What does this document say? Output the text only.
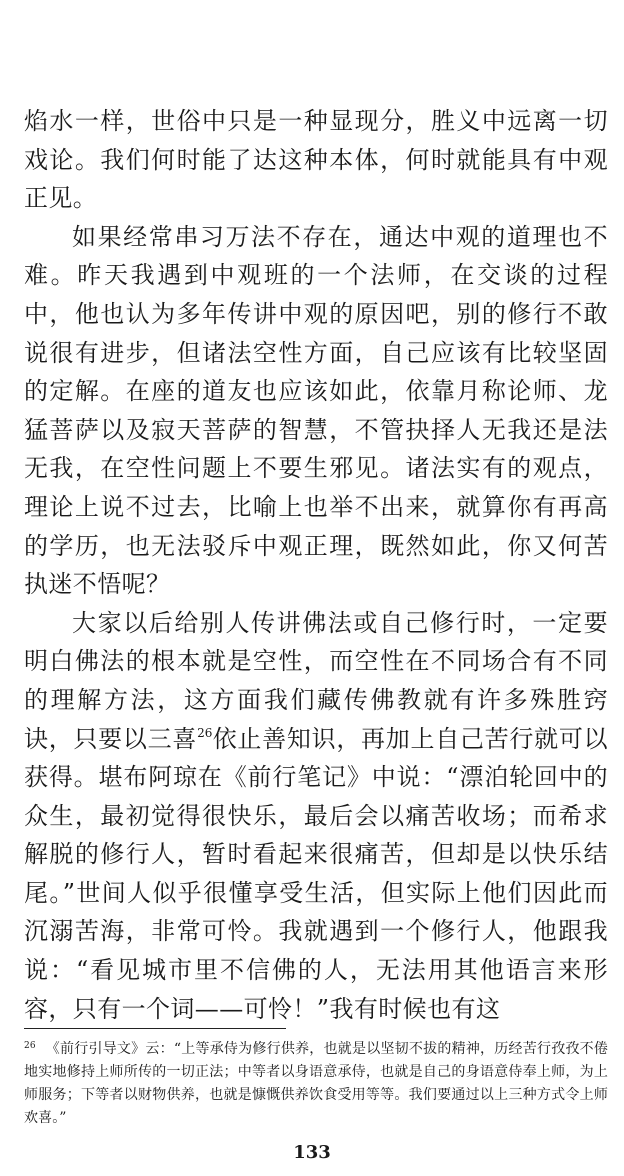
焰水一样，世俗中只是一种显现分，胜义中远离一切戏论。我们何时能了达这种本体，何时就能具有中观正见。

如果经常串习万法不存在，通达中观的道理也不难。昨天我遇到中观班的一个法师，在交谈的过程中，他也认为多年传讲中观的原因吧，别的修行不敢说很有进步，但诸法空性方面，自己应该有比较坚固的定解。在座的道友也应该如此，依靠月称论师、龙猛菩萨以及寂天菩萨的智慧，不管抉择人无我还是法无我，在空性问题上不要生邪见。诸法实有的观点，理论上说不过去，比喻上也举不出来，就算你有再高的学历，也无法驳斥中观正理，既然如此，你又何苦执迷不悟呢？

大家以后给别人传讲佛法或自己修行时，一定要明白佛法的根本就是空性，而空性在不同场合有不同的理解方法，这方面我们藏传佛教就有许多殊胜窍诀，只要以三喜$^{26}$依止善知识，再加上自己苦行就可以获得。堪布阿琼在《前行笔记》中说：“漂泊轮回中的众生，最初觉得很快乐，最后会以痛苦收场；而希求解脱的修行人，暂时看起来很痛苦，但却是以快乐结尾。”世间人似乎很懂享受生活，但实际上他们因此而沉溺苦海，非常可怜。我就遇到一个修行人，他跟我说：“看见城市里不信佛的人，无法用其他语言来形容，只有一个词——可怜！”我有时候也有这

$^{26}$ 《前行引导文》云：“上等承侍为修行供养，也就是以坚韧不拔的精神，历经苦行孜孜不倦地实地修持上师所传的一切正法；中等者以身语意承侍，也就是自己的身语意侍奉上师，为上师服务；下等者以财物供养，也就是慷慨供养饮食受用等等。我们要通过以上三种方式令上师欢喜。”
133
